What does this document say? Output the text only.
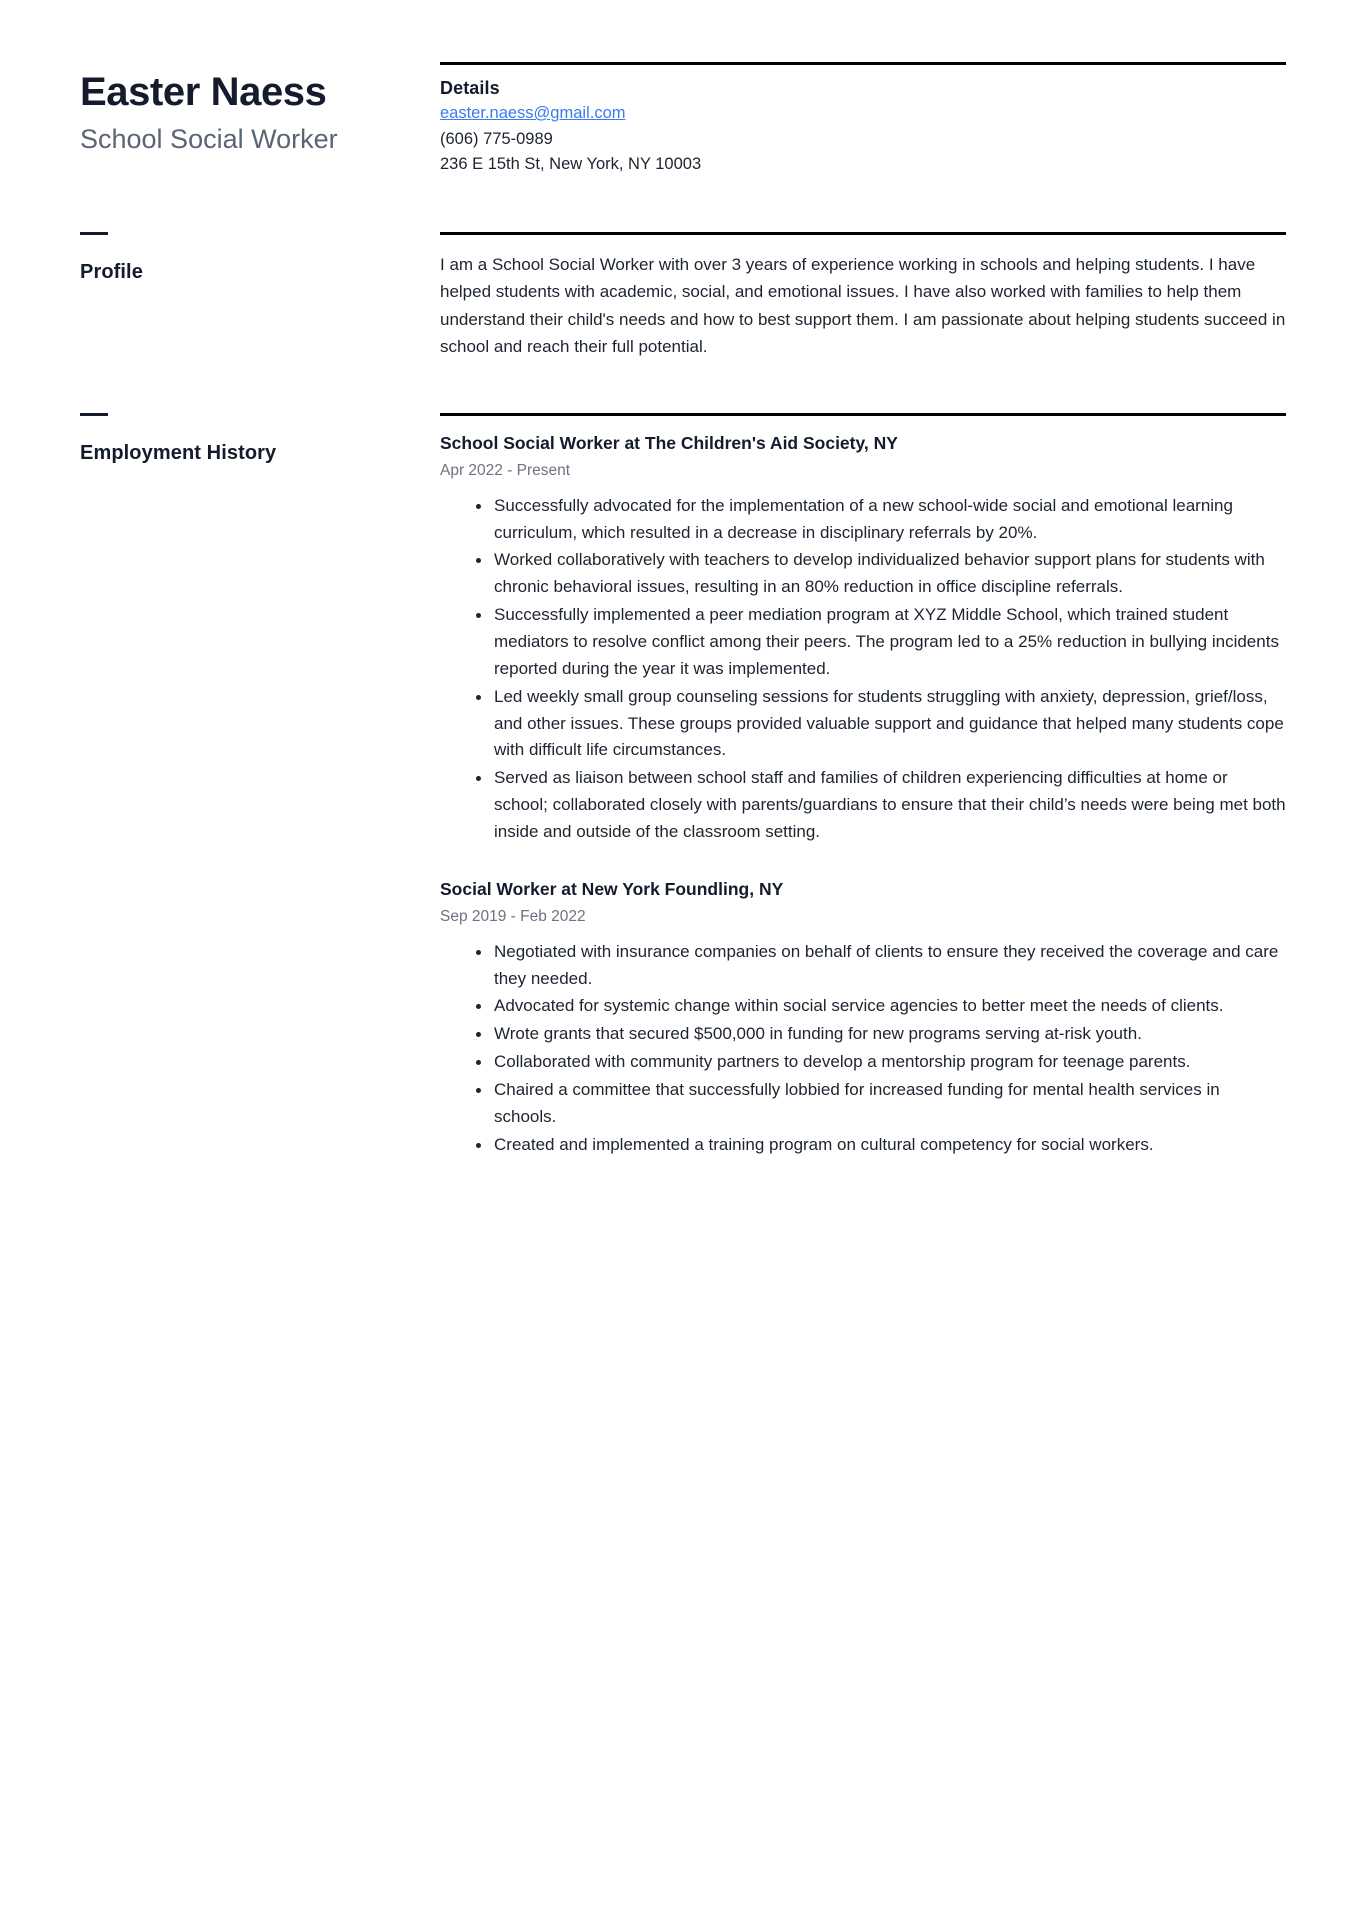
Easter Naess
School Social Worker
Details
easter.naess@gmail.com
(606) 775-0989
236 E 15th St, New York, NY 10003
Profile	I am a School Social Worker with over 3 years of experience working in schools and helping students. I have helped students with academic, social, and emotional issues. I have also worked with families to help them understand their child's needs and how to best support them. I am passionate about helping students succeed in school and reach their full potential.

Employment History	School Social Worker at The Children's Aid Society, NY
Apr 2022 - Present
Successfully advocated for the implementation of a new school-wide social and emotional learning curriculum, which resulted in a decrease in disciplinary referrals by 20%.
Worked collaboratively with teachers to develop individualized behavior support plans for students with chronic behavioral issues, resulting in an 80% reduction in office discipline referrals.
Successfully implemented a peer mediation program at XYZ Middle School, which trained student mediators to resolve conflict among their peers. The program led to a 25% reduction in bullying incidents reported during the year it was implemented.
Led weekly small group counseling sessions for students struggling with anxiety, depression, grief/loss, and other issues. These groups provided valuable support and guidance that helped many students cope with difficult life circumstances.
Served as liaison between school staff and families of children experiencing difficulties at home or school; collaborated closely with parents/guardians to ensure that their child’s needs were being met both inside and outside of the classroom setting.
Social Worker at New York Foundling, NY
Sep 2019 - Feb 2022
Negotiated with insurance companies on behalf of clients to ensure they received the coverage and care they needed.
Advocated for systemic change within social service agencies to better meet the needs of clients.
Wrote grants that secured $500,000 in funding for new programs serving at-risk youth.
Collaborated with community partners to develop a mentorship program for teenage parents.
Chaired a committee that successfully lobbied for increased funding for mental health services in schools.
Created and implemented a training program on cultural competency for social workers.
